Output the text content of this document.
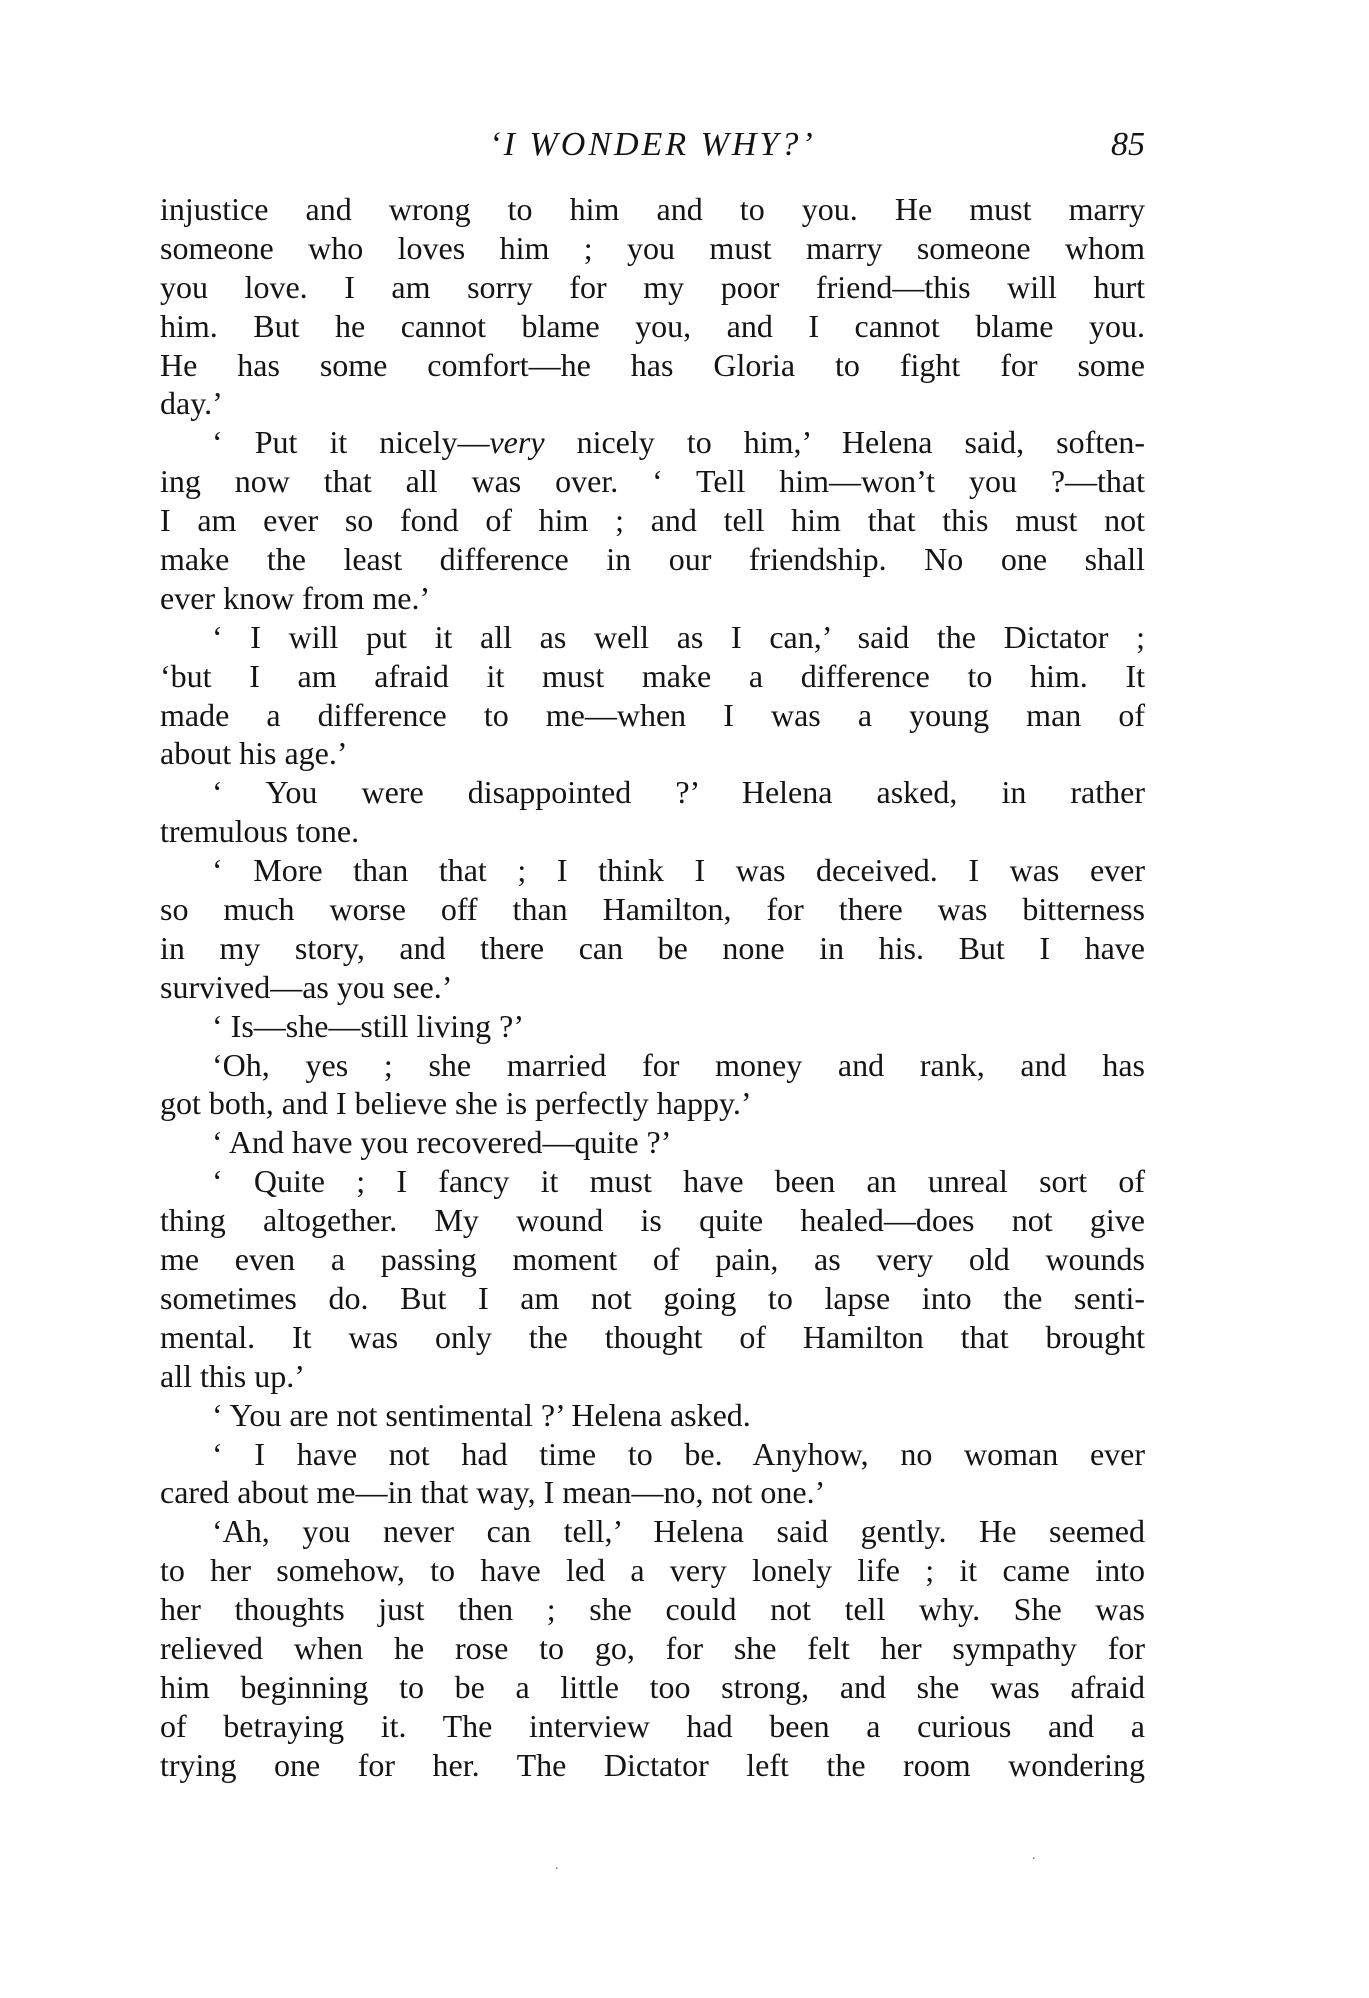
‘I WONDER WHY?’	85
injustice and wrong to him and to you. He must marry
someone who loves him ; you must marry someone whom
you love. I am sorry for my poor friend—this will hurt
him. But he cannot blame you, and I cannot blame you.
He has some comfort—he has Gloria to fight for some
day.’
‘ Put it nicely—very nicely to him,’ Helena said, soften-
ing now that all was over. ‘ Tell him—won’t you ?—that
I am ever so fond of him ; and tell him that this must not
make the least difference in our friendship. No one shall
ever know from me.’
‘ I will put it all as well as I can,’ said the Dictator ;
‘but I am afraid it must make a difference to him. It
made a difference to me—when I was a young man of
about his age.’
‘ You were disappointed ?’ Helena asked, in rather
tremulous tone.
‘ More than that ; I think I was deceived. I was ever
so much worse off than Hamilton, for there was bitterness
in my story, and there can be none in his. But I have
survived—as you see.’
‘ Is—she—still living ?’
‘Oh, yes ; she married for money and rank, and has
got both, and I believe she is perfectly happy.’
‘ And have you recovered—quite ?’
‘ Quite ; I fancy it must have been an unreal sort of
thing altogether. My wound is quite healed—does not give
me even a passing moment of pain, as very old wounds
sometimes do. But I am not going to lapse into the senti-
mental. It was only the thought of Hamilton that brought
all this up.’
‘ You are not sentimental ?’ Helena asked.
‘ I have not had time to be. Anyhow, no woman ever
cared about me—in that way, I mean—no, not one.’
‘Ah, you never can tell,’ Helena said gently. He seemed
to her somehow, to have led a very lonely life ; it came into
her thoughts just then ; she could not tell why. She was
relieved when he rose to go, for she felt her sympathy for
him beginning to be a little too strong, and she was afraid
of betraying it. The interview had been a curious and a
trying one for her. The Dictator left the room wondering
.
.
